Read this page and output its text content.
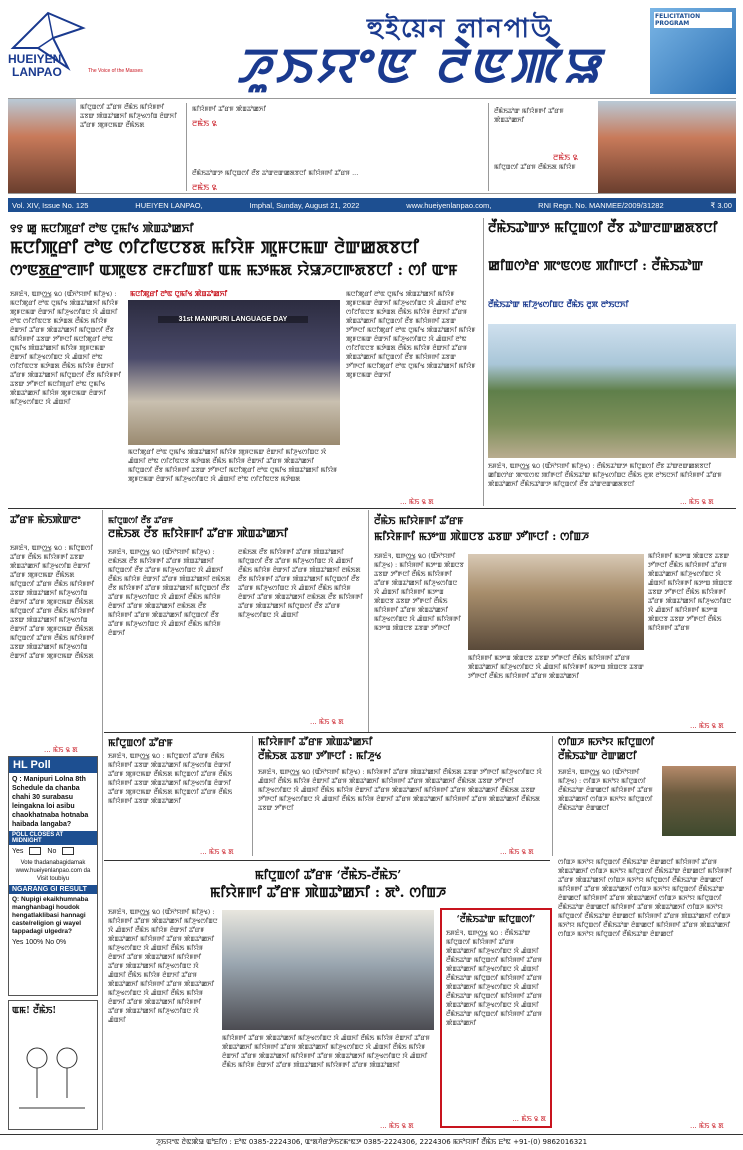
HUEIYEN
LANPAO	The Voice of the Masses
হুইয়েন লানপাউ
ꯍꯨꯏꯌꯦꯟ ꯂꯥꯟꯄꯥꯎ
FELICITATION PROGRAM
ꯃꯤꯅꯨꯡꯁꯤ ꯊꯧꯔꯝ ꯂꯩꯃꯥꯏ ꯃꯤꯌꯥꯝꯒꯤ ꯊꯕꯛ ꯄꯥꯡꯊꯣꯀꯈꯤ ꯃꯤꯍꯨꯠꯁꯤꯡ ꯂꯥꯛꯈꯤ ꯊꯧꯔꯝ ꯄꯨꯝꯅꯃꯛ ꯂꯩꯃꯥꯏꯗ
ꯃꯤꯌꯥꯝꯒꯤ ꯊꯧꯔꯝ ꯄꯥꯡꯊꯣꯀꯈꯤ
ꯂꯃꯥꯏ ꯲
ꯂꯩꯃꯥꯏꯊꯣꯛꯇ ꯃꯤꯅꯨꯡꯁꯤ ꯂꯩꯕ ꯊꯣꯛꯂꯛꯀꯗꯕꯅꯤ ꯃꯤꯌꯥꯝꯒꯤ ꯊꯧꯔꯝ ...
ꯂꯃꯥꯏ ꯲
ꯂꯩꯃꯥꯏꯊꯣꯛ ꯃꯤꯌꯥꯝꯒꯤ ꯊꯧꯔꯝ ꯄꯥꯡꯊꯣꯀꯈꯤ
ꯂꯃꯥꯏ ꯲
ꯃꯤꯅꯨꯡꯁꯤ ꯊꯧꯔꯝ ꯂꯩꯃꯥꯏꯗ ꯃꯤꯌꯥꯝ
Vol. XIV, Issue No. 125	HUEIYEN LANPAO,	Imphal, Sunday, August 21, 2022	www.hueiyenlanpao.com,	RNI Regn. No. MANMEE/2009/31282	₹ 3.00
꯱꯱ ꯀꯨ ꯃꯅꯤꯄꯨꯔꯤ ꯂꯣꯟ ꯅꯨꯃꯤꯠ ꯄꯥꯡꯊꯣꯀꯈꯤ
ꯃꯅꯤꯄꯨꯔꯤ ꯂꯣꯟ ꯁꯤꯖꯤꯟꯅꯕꯗ ꯃꯤꯌꯥꯝ ꯄꯨꯝꯅꯃꯛ ꯂꯥꯛꯀꯗꯕꯅꯤ
ꯁꯦꯟꯗ꯭ꯔꯦꯂꯒꯤ ꯑꯄꯨꯟꯕ ꯂꯝꯖꯤꯡꯕꯤ ꯑꯃ ꯃꯇꯃꯗ ꯌꯥꯎꯍꯅꯒꯗꯕꯅꯤ : ꯁꯤ ꯑꯦꯝ
ꯏꯝꯐꯥꯜ, ꯑꯒꯁ꯭ꯠ ꯲꯰ (ꯑꯩꯈꯣꯌꯒꯤ ꯃꯤꯍꯨꯠ) : ꯃꯅꯤꯄꯨꯔꯤ ꯂꯣꯟ ꯅꯨꯃꯤꯠ ꯄꯥꯡꯊꯣꯀꯈꯤ ꯃꯤꯌꯥꯝ ꯄꯨꯝꯅꯃꯛ ꯂꯥꯛꯈꯤ ꯃꯤꯍꯨꯠꯁꯤꯡꯅ ꯋꯥ ꯉꯥꯡꯈꯤ ꯂꯣꯟ ꯁꯤꯖꯤꯟꯅꯕ ꯃꯇꯥꯡꯗ ꯂꯩꯃꯥꯏ ꯃꯤꯌꯥꯝ ꯂꯥꯛꯈꯤ ꯊꯧꯔꯝ ꯄꯥꯡꯊꯣꯀꯈꯤ ꯃꯤꯅꯨꯡꯁꯤ ꯂꯩꯕ ꯃꯤꯌꯥꯝꯒꯤ ꯊꯕꯛ ꯇꯧꯒꯅꯤ ꯃꯅꯤꯄꯨꯔꯤ ꯂꯣꯟ ꯅꯨꯃꯤꯠ ꯄꯥꯡꯊꯣꯀꯈꯤ ꯃꯤꯌꯥꯝ ꯄꯨꯝꯅꯃꯛ ꯂꯥꯛꯈꯤ ꯃꯤꯍꯨꯠꯁꯤꯡꯅ ꯋꯥ ꯉꯥꯡꯈꯤ ꯂꯣꯟ ꯁꯤꯖꯤꯟꯅꯕ ꯃꯇꯥꯡꯗ ꯂꯩꯃꯥꯏ ꯃꯤꯌꯥꯝ ꯂꯥꯛꯈꯤ ꯊꯧꯔꯝ ꯄꯥꯡꯊꯣꯀꯈꯤ ꯃꯤꯅꯨꯡꯁꯤ ꯂꯩꯕ ꯃꯤꯌꯥꯝꯒꯤ ꯊꯕꯛ ꯇꯧꯒꯅꯤ ꯃꯅꯤꯄꯨꯔꯤ ꯂꯣꯟ ꯅꯨꯃꯤꯠ ꯄꯥꯡꯊꯣꯀꯈꯤ ꯃꯤꯌꯥꯝ ꯄꯨꯝꯅꯃꯛ ꯂꯥꯛꯈꯤ ꯃꯤꯍꯨꯠꯁꯤꯡꯅ ꯋꯥ ꯉꯥꯡꯈꯤ
ꯃꯅꯤꯄꯨꯔꯤ ꯂꯣꯟ ꯅꯨꯃꯤꯠ ꯄꯥꯡꯊꯣꯀꯈꯤ
31st MANIPURI LANGUAGE DAY
ꯃꯅꯤꯄꯨꯔꯤ ꯂꯣꯟ ꯅꯨꯃꯤꯠ ꯄꯥꯡꯊꯣꯀꯈꯤ ꯃꯤꯌꯥꯝ ꯄꯨꯝꯅꯃꯛ ꯂꯥꯛꯈꯤ ꯃꯤꯍꯨꯠꯁꯤꯡꯅ ꯋꯥ ꯉꯥꯡꯈꯤ ꯂꯣꯟ ꯁꯤꯖꯤꯟꯅꯕ ꯃꯇꯥꯡꯗ ꯂꯩꯃꯥꯏ ꯃꯤꯌꯥꯝ ꯂꯥꯛꯈꯤ ꯊꯧꯔꯝ ꯄꯥꯡꯊꯣꯀꯈꯤ ꯃꯤꯅꯨꯡꯁꯤ ꯂꯩꯕ ꯃꯤꯌꯥꯝꯒꯤ ꯊꯕꯛ ꯇꯧꯒꯅꯤ ꯃꯅꯤꯄꯨꯔꯤ ꯂꯣꯟ ꯅꯨꯃꯤꯠ ꯄꯥꯡꯊꯣꯀꯈꯤ ꯃꯤꯌꯥꯝ ꯄꯨꯝꯅꯃꯛ ꯂꯥꯛꯈꯤ ꯃꯤꯍꯨꯠꯁꯤꯡꯅ ꯋꯥ ꯉꯥꯡꯈꯤ ꯂꯣꯟ ꯁꯤꯖꯤꯟꯅꯕ ꯃꯇꯥꯡꯗ
ꯃꯅꯤꯄꯨꯔꯤ ꯂꯣꯟ ꯅꯨꯃꯤꯠ ꯄꯥꯡꯊꯣꯀꯈꯤ ꯃꯤꯌꯥꯝ ꯄꯨꯝꯅꯃꯛ ꯂꯥꯛꯈꯤ ꯃꯤꯍꯨꯠꯁꯤꯡꯅ ꯋꯥ ꯉꯥꯡꯈꯤ ꯂꯣꯟ ꯁꯤꯖꯤꯟꯅꯕ ꯃꯇꯥꯡꯗ ꯂꯩꯃꯥꯏ ꯃꯤꯌꯥꯝ ꯂꯥꯛꯈꯤ ꯊꯧꯔꯝ ꯄꯥꯡꯊꯣꯀꯈꯤ ꯃꯤꯅꯨꯡꯁꯤ ꯂꯩꯕ ꯃꯤꯌꯥꯝꯒꯤ ꯊꯕꯛ ꯇꯧꯒꯅꯤ ꯃꯅꯤꯄꯨꯔꯤ ꯂꯣꯟ ꯅꯨꯃꯤꯠ ꯄꯥꯡꯊꯣꯀꯈꯤ ꯃꯤꯌꯥꯝ ꯄꯨꯝꯅꯃꯛ ꯂꯥꯛꯈꯤ ꯃꯤꯍꯨꯠꯁꯤꯡꯅ ꯋꯥ ꯉꯥꯡꯈꯤ ꯂꯣꯟ ꯁꯤꯖꯤꯟꯅꯕ ꯃꯇꯥꯡꯗ ꯂꯩꯃꯥꯏ ꯃꯤꯌꯥꯝ ꯂꯥꯛꯈꯤ ꯊꯧꯔꯝ ꯄꯥꯡꯊꯣꯀꯈꯤ ꯃꯤꯅꯨꯡꯁꯤ ꯂꯩꯕ ꯃꯤꯌꯥꯝꯒꯤ ꯊꯕꯛ ꯇꯧꯒꯅꯤ ꯃꯅꯤꯄꯨꯔꯤ ꯂꯣꯟ ꯅꯨꯃꯤꯠ ꯄꯥꯡꯊꯣꯀꯈꯤ ꯃꯤꯌꯥꯝ ꯄꯨꯝꯅꯃꯛ ꯂꯥꯛꯈꯤ
... ꯃꯥꯏ ꯲ ꯗ
ꯂꯩꯃꯥꯏꯊꯣꯛꯇ ꯃꯤꯅꯨꯡꯁꯤ ꯂꯩꯕ ꯊꯣꯛꯂꯛꯀꯗꯕꯅꯤ
ꯀꯤꯡꯁꯣꯔ ꯄꯦꯟꯁꯟ ꯄꯤꯒꯅꯤ : ꯂꯩꯃꯥꯏꯊꯣꯛ
ꯂꯩꯃꯥꯏꯊꯣꯛ ꯃꯤꯍꯨꯠꯁꯤꯡꯅ ꯂꯩꯃꯥꯏ ꯂꯨꯞ ꯂꯣꯏꯅꯈꯤ
ꯏꯝꯐꯥꯜ, ꯑꯒꯁ꯭ꯠ ꯲꯰ (ꯑꯩꯈꯣꯌꯒꯤ ꯃꯤꯍꯨꯠ) : ꯂꯩꯃꯥꯏꯊꯣꯛꯇ ꯃꯤꯅꯨꯡꯁꯤ ꯂꯩꯕ ꯊꯣꯛꯂꯛꯀꯗꯕꯅꯤ ꯀꯤꯡꯁꯣꯔ ꯄꯦꯟꯁꯟ ꯄꯤꯒꯅꯤ ꯂꯩꯃꯥꯏꯊꯣꯛ ꯃꯤꯍꯨꯠꯁꯤꯡꯅ ꯂꯩꯃꯥꯏ ꯂꯨꯞ ꯂꯣꯏꯅꯈꯤ ꯃꯤꯌꯥꯝꯒꯤ ꯊꯧꯔꯝ ꯄꯥꯡꯊꯣꯀꯈꯤ ꯂꯩꯃꯥꯏꯊꯣꯛꯇ ꯃꯤꯅꯨꯡꯁꯤ ꯂꯩꯕ ꯊꯣꯛꯂꯛꯀꯗꯕꯅꯤ
... ꯃꯥꯏ ꯲ ꯗ
ꯊꯧꯔꯝ ꯃꯥꯏꯄꯥꯛꯂꯦ
ꯏꯝꯐꯥꯜ, ꯑꯒꯁ꯭ꯠ ꯲꯰ : ꯃꯤꯅꯨꯡꯁꯤ ꯊꯧꯔꯝ ꯂꯩꯃꯥꯏ ꯃꯤꯌꯥꯝꯒꯤ ꯊꯕꯛ ꯄꯥꯡꯊꯣꯀꯈꯤ ꯃꯤꯍꯨꯠꯁꯤꯡ ꯂꯥꯛꯈꯤ ꯊꯧꯔꯝ ꯄꯨꯝꯅꯃꯛ ꯂꯩꯃꯥꯏꯗ ꯃꯤꯅꯨꯡꯁꯤ ꯊꯧꯔꯝ ꯂꯩꯃꯥꯏ ꯃꯤꯌꯥꯝꯒꯤ ꯊꯕꯛ ꯄꯥꯡꯊꯣꯀꯈꯤ ꯃꯤꯍꯨꯠꯁꯤꯡ ꯂꯥꯛꯈꯤ ꯊꯧꯔꯝ ꯄꯨꯝꯅꯃꯛ ꯂꯩꯃꯥꯏꯗ ꯃꯤꯅꯨꯡꯁꯤ ꯊꯧꯔꯝ ꯂꯩꯃꯥꯏ ꯃꯤꯌꯥꯝꯒꯤ ꯊꯕꯛ ꯄꯥꯡꯊꯣꯀꯈꯤ ꯃꯤꯍꯨꯠꯁꯤꯡ ꯂꯥꯛꯈꯤ ꯊꯧꯔꯝ ꯄꯨꯝꯅꯃꯛ ꯂꯩꯃꯥꯏꯗ ꯃꯤꯅꯨꯡꯁꯤ ꯊꯧꯔꯝ ꯂꯩꯃꯥꯏ ꯃꯤꯌꯥꯝꯒꯤ ꯊꯕꯛ ꯄꯥꯡꯊꯣꯀꯈꯤ ꯃꯤꯍꯨꯠꯁꯤꯡ ꯂꯥꯛꯈꯤ ꯊꯧꯔꯝ ꯄꯨꯝꯅꯃꯛ ꯂꯩꯃꯥꯏꯗ
... ꯃꯥꯏ ꯲ ꯗ
HL Poll
Q : Manipuri Lolna 8th Schedule da chanba chahi 30 surabasu leingakna loi asibu chaokhatnaba hotnaba haibada langaba?
POLL CLOSES AT MIDNIGHT
Yes	No
Vote thadanabagidamak www.hueiyenlanpao.com da Visit toubiyu
NGARANG GI RESULT
Q: Nupigi ekaikhumnaba manghanbagi houdok hengatlaklibasi hannagi caste/religion gi wayel tappadagi ulgedra?
Yes 100% No 0%
ꯑꯃ! ꯂꯩꯃꯥꯏ!
ꯃꯤꯅꯨꯡꯁꯤ ꯂꯩꯕ ꯊꯧꯔꯝ
ꯂꯃꯥꯏꯗ ꯂꯩꯕ ꯃꯤꯌꯥꯝꯒꯤ ꯊꯧꯔꯝ ꯄꯥꯡꯊꯣꯀꯈꯤ
ꯏꯝꯐꯥꯜ, ꯑꯒꯁ꯭ꯠ ꯲꯰ (ꯑꯩꯈꯣꯌꯒꯤ ꯃꯤꯍꯨꯠ) : ꯂꯃꯥꯏꯗ ꯂꯩꯕ ꯃꯤꯌꯥꯝꯒꯤ ꯊꯧꯔꯝ ꯄꯥꯡꯊꯣꯀꯈꯤ ꯃꯤꯅꯨꯡꯁꯤ ꯂꯩꯕ ꯊꯧꯔꯝ ꯃꯤꯍꯨꯠꯁꯤꯡꯅ ꯋꯥ ꯉꯥꯡꯈꯤ ꯂꯩꯃꯥꯏ ꯃꯤꯌꯥꯝ ꯂꯥꯛꯈꯤ ꯊꯧꯔꯝ ꯄꯥꯡꯊꯣꯀꯈꯤ ꯂꯃꯥꯏꯗ ꯂꯩꯕ ꯃꯤꯌꯥꯝꯒꯤ ꯊꯧꯔꯝ ꯄꯥꯡꯊꯣꯀꯈꯤ ꯃꯤꯅꯨꯡꯁꯤ ꯂꯩꯕ ꯊꯧꯔꯝ ꯃꯤꯍꯨꯠꯁꯤꯡꯅ ꯋꯥ ꯉꯥꯡꯈꯤ ꯂꯩꯃꯥꯏ ꯃꯤꯌꯥꯝ ꯂꯥꯛꯈꯤ ꯊꯧꯔꯝ ꯄꯥꯡꯊꯣꯀꯈꯤ ꯂꯃꯥꯏꯗ ꯂꯩꯕ ꯃꯤꯌꯥꯝꯒꯤ ꯊꯧꯔꯝ ꯄꯥꯡꯊꯣꯀꯈꯤ ꯃꯤꯅꯨꯡꯁꯤ ꯂꯩꯕ ꯊꯧꯔꯝ ꯃꯤꯍꯨꯠꯁꯤꯡꯅ ꯋꯥ ꯉꯥꯡꯈꯤ ꯂꯩꯃꯥꯏ ꯃꯤꯌꯥꯝ ꯂꯥꯛꯈꯤ
ꯂꯃꯥꯏꯗ ꯂꯩꯕ ꯃꯤꯌꯥꯝꯒꯤ ꯊꯧꯔꯝ ꯄꯥꯡꯊꯣꯀꯈꯤ ꯃꯤꯅꯨꯡꯁꯤ ꯂꯩꯕ ꯊꯧꯔꯝ ꯃꯤꯍꯨꯠꯁꯤꯡꯅ ꯋꯥ ꯉꯥꯡꯈꯤ ꯂꯩꯃꯥꯏ ꯃꯤꯌꯥꯝ ꯂꯥꯛꯈꯤ ꯊꯧꯔꯝ ꯄꯥꯡꯊꯣꯀꯈꯤ ꯂꯃꯥꯏꯗ ꯂꯩꯕ ꯃꯤꯌꯥꯝꯒꯤ ꯊꯧꯔꯝ ꯄꯥꯡꯊꯣꯀꯈꯤ ꯃꯤꯅꯨꯡꯁꯤ ꯂꯩꯕ ꯊꯧꯔꯝ ꯃꯤꯍꯨꯠꯁꯤꯡꯅ ꯋꯥ ꯉꯥꯡꯈꯤ ꯂꯩꯃꯥꯏ ꯃꯤꯌꯥꯝ ꯂꯥꯛꯈꯤ ꯊꯧꯔꯝ ꯄꯥꯡꯊꯣꯀꯈꯤ ꯂꯃꯥꯏꯗ ꯂꯩꯕ ꯃꯤꯌꯥꯝꯒꯤ ꯊꯧꯔꯝ ꯄꯥꯡꯊꯣꯀꯈꯤ ꯃꯤꯅꯨꯡꯁꯤ ꯂꯩꯕ ꯊꯧꯔꯝ ꯃꯤꯍꯨꯠꯁꯤꯡꯅ ꯋꯥ ꯉꯥꯡꯈꯤ
... ꯃꯥꯏ ꯲ ꯗ
ꯂꯩꯃꯥꯏ ꯃꯤꯌꯥꯝꯒꯤ ꯊꯧꯔꯝ
ꯃꯤꯌꯥꯝꯒꯤ ꯃꯇꯦꯡ ꯄꯥꯡꯅꯕ ꯊꯕꯛ ꯇꯧꯒꯅꯤ : ꯁꯤꯡꯍ
ꯏꯝꯐꯥꯜ, ꯑꯒꯁ꯭ꯠ ꯲꯰ (ꯑꯩꯈꯣꯌꯒꯤ ꯃꯤꯍꯨꯠ) : ꯃꯤꯌꯥꯝꯒꯤ ꯃꯇꯦꯡ ꯄꯥꯡꯅꯕ ꯊꯕꯛ ꯇꯧꯒꯅꯤ ꯂꯩꯃꯥꯏ ꯃꯤꯌꯥꯝꯒꯤ ꯊꯧꯔꯝ ꯄꯥꯡꯊꯣꯀꯈꯤ ꯃꯤꯍꯨꯠꯁꯤꯡꯅ ꯋꯥ ꯉꯥꯡꯈꯤ ꯃꯤꯌꯥꯝꯒꯤ ꯃꯇꯦꯡ ꯄꯥꯡꯅꯕ ꯊꯕꯛ ꯇꯧꯒꯅꯤ ꯂꯩꯃꯥꯏ ꯃꯤꯌꯥꯝꯒꯤ ꯊꯧꯔꯝ ꯄꯥꯡꯊꯣꯀꯈꯤ ꯃꯤꯍꯨꯠꯁꯤꯡꯅ ꯋꯥ ꯉꯥꯡꯈꯤ ꯃꯤꯌꯥꯝꯒꯤ ꯃꯇꯦꯡ ꯄꯥꯡꯅꯕ ꯊꯕꯛ ꯇꯧꯒꯅꯤ
ꯃꯤꯌꯥꯝꯒꯤ ꯃꯇꯦꯡ ꯄꯥꯡꯅꯕ ꯊꯕꯛ ꯇꯧꯒꯅꯤ ꯂꯩꯃꯥꯏ ꯃꯤꯌꯥꯝꯒꯤ ꯊꯧꯔꯝ ꯄꯥꯡꯊꯣꯀꯈꯤ ꯃꯤꯍꯨꯠꯁꯤꯡꯅ ꯋꯥ ꯉꯥꯡꯈꯤ ꯃꯤꯌꯥꯝꯒꯤ ꯃꯇꯦꯡ ꯄꯥꯡꯅꯕ ꯊꯕꯛ ꯇꯧꯒꯅꯤ ꯂꯩꯃꯥꯏ ꯃꯤꯌꯥꯝꯒꯤ ꯊꯧꯔꯝ ꯄꯥꯡꯊꯣꯀꯈꯤ
ꯃꯤꯌꯥꯝꯒꯤ ꯃꯇꯦꯡ ꯄꯥꯡꯅꯕ ꯊꯕꯛ ꯇꯧꯒꯅꯤ ꯂꯩꯃꯥꯏ ꯃꯤꯌꯥꯝꯒꯤ ꯊꯧꯔꯝ ꯄꯥꯡꯊꯣꯀꯈꯤ ꯃꯤꯍꯨꯠꯁꯤꯡꯅ ꯋꯥ ꯉꯥꯡꯈꯤ ꯃꯤꯌꯥꯝꯒꯤ ꯃꯇꯦꯡ ꯄꯥꯡꯅꯕ ꯊꯕꯛ ꯇꯧꯒꯅꯤ ꯂꯩꯃꯥꯏ ꯃꯤꯌꯥꯝꯒꯤ ꯊꯧꯔꯝ ꯄꯥꯡꯊꯣꯀꯈꯤ ꯃꯤꯍꯨꯠꯁꯤꯡꯅ ꯋꯥ ꯉꯥꯡꯈꯤ ꯃꯤꯌꯥꯝꯒꯤ ꯃꯇꯦꯡ ꯄꯥꯡꯅꯕ ꯊꯕꯛ ꯇꯧꯒꯅꯤ ꯂꯩꯃꯥꯏ ꯃꯤꯌꯥꯝꯒꯤ ꯊꯧꯔꯝ
... ꯃꯥꯏ ꯲ ꯗ
ꯃꯤꯅꯨꯡꯁꯤ ꯊꯧꯔꯝ
ꯏꯝꯐꯥꯜ, ꯑꯒꯁ꯭ꯠ ꯲꯰ : ꯃꯤꯅꯨꯡꯁꯤ ꯊꯧꯔꯝ ꯂꯩꯃꯥꯏ ꯃꯤꯌꯥꯝꯒꯤ ꯊꯕꯛ ꯄꯥꯡꯊꯣꯀꯈꯤ ꯃꯤꯍꯨꯠꯁꯤꯡ ꯂꯥꯛꯈꯤ ꯊꯧꯔꯝ ꯄꯨꯝꯅꯃꯛ ꯂꯩꯃꯥꯏꯗ ꯃꯤꯅꯨꯡꯁꯤ ꯊꯧꯔꯝ ꯂꯩꯃꯥꯏ ꯃꯤꯌꯥꯝꯒꯤ ꯊꯕꯛ ꯄꯥꯡꯊꯣꯀꯈꯤ ꯃꯤꯍꯨꯠꯁꯤꯡ ꯂꯥꯛꯈꯤ ꯊꯧꯔꯝ ꯄꯨꯝꯅꯃꯛ ꯂꯩꯃꯥꯏꯗ ꯃꯤꯅꯨꯡꯁꯤ ꯊꯧꯔꯝ ꯂꯩꯃꯥꯏ ꯃꯤꯌꯥꯝꯒꯤ ꯊꯕꯛ ꯄꯥꯡꯊꯣꯀꯈꯤ
... ꯃꯥꯏ ꯲ ꯗ
ꯃꯤꯌꯥꯝꯒꯤ ꯊꯧꯔꯝ ꯄꯥꯡꯊꯣꯀꯈꯤ
ꯂꯩꯃꯥꯏꯗ ꯊꯕꯛ ꯇꯧꯒꯅꯤ : ꯃꯤꯍꯨꯠ
ꯏꯝꯐꯥꯜ, ꯑꯒꯁ꯭ꯠ ꯲꯰ (ꯑꯩꯈꯣꯌꯒꯤ ꯃꯤꯍꯨꯠ) : ꯃꯤꯌꯥꯝꯒꯤ ꯊꯧꯔꯝ ꯄꯥꯡꯊꯣꯀꯈꯤ ꯂꯩꯃꯥꯏꯗ ꯊꯕꯛ ꯇꯧꯒꯅꯤ ꯃꯤꯍꯨꯠꯁꯤꯡꯅ ꯋꯥ ꯉꯥꯡꯈꯤ ꯂꯩꯃꯥꯏ ꯃꯤꯌꯥꯝ ꯂꯥꯛꯈꯤ ꯊꯧꯔꯝ ꯄꯥꯡꯊꯣꯀꯈꯤ ꯃꯤꯌꯥꯝꯒꯤ ꯊꯧꯔꯝ ꯄꯥꯡꯊꯣꯀꯈꯤ ꯂꯩꯃꯥꯏꯗ ꯊꯕꯛ ꯇꯧꯒꯅꯤ ꯃꯤꯍꯨꯠꯁꯤꯡꯅ ꯋꯥ ꯉꯥꯡꯈꯤ ꯂꯩꯃꯥꯏ ꯃꯤꯌꯥꯝ ꯂꯥꯛꯈꯤ ꯊꯧꯔꯝ ꯄꯥꯡꯊꯣꯀꯈꯤ ꯃꯤꯌꯥꯝꯒꯤ ꯊꯧꯔꯝ ꯄꯥꯡꯊꯣꯀꯈꯤ ꯂꯩꯃꯥꯏꯗ ꯊꯕꯛ ꯇꯧꯒꯅꯤ ꯃꯤꯍꯨꯠꯁꯤꯡꯅ ꯋꯥ ꯉꯥꯡꯈꯤ ꯂꯩꯃꯥꯏ ꯃꯤꯌꯥꯝ ꯂꯥꯛꯈꯤ ꯊꯧꯔꯝ ꯄꯥꯡꯊꯣꯀꯈꯤ ꯃꯤꯌꯥꯝꯒꯤ ꯊꯧꯔꯝ ꯄꯥꯡꯊꯣꯀꯈꯤ ꯂꯩꯃꯥꯏꯗ ꯊꯕꯛ ꯇꯧꯒꯅꯤ
... ꯃꯥꯏ ꯲ ꯗ
ꯁꯤꯡꯍ ꯃꯈꯣꯌ ꯃꯤꯅꯨꯡꯁꯤ
ꯂꯩꯃꯥꯏꯊꯣꯛ ꯂꯥꯛꯀꯅꯤ
ꯏꯝꯐꯥꯜ, ꯑꯒꯁ꯭ꯠ ꯲꯰ (ꯑꯩꯈꯣꯌꯒꯤ ꯃꯤꯍꯨꯠ) : ꯁꯤꯡꯍ ꯃꯈꯣꯌ ꯃꯤꯅꯨꯡꯁꯤ ꯂꯩꯃꯥꯏꯊꯣꯛ ꯂꯥꯛꯀꯅꯤ ꯃꯤꯌꯥꯝꯒꯤ ꯊꯧꯔꯝ ꯄꯥꯡꯊꯣꯀꯈꯤ ꯁꯤꯡꯍ ꯃꯈꯣꯌ ꯃꯤꯅꯨꯡꯁꯤ ꯂꯩꯃꯥꯏꯊꯣꯛ ꯂꯥꯛꯀꯅꯤ
ꯁꯤꯡꯍ ꯃꯈꯣꯌ ꯃꯤꯅꯨꯡꯁꯤ ꯂꯩꯃꯥꯏꯊꯣꯛ ꯂꯥꯛꯀꯅꯤ ꯃꯤꯌꯥꯝꯒꯤ ꯊꯧꯔꯝ ꯄꯥꯡꯊꯣꯀꯈꯤ ꯁꯤꯡꯍ ꯃꯈꯣꯌ ꯃꯤꯅꯨꯡꯁꯤ ꯂꯩꯃꯥꯏꯊꯣꯛ ꯂꯥꯛꯀꯅꯤ ꯃꯤꯌꯥꯝꯒꯤ ꯊꯧꯔꯝ ꯄꯥꯡꯊꯣꯀꯈꯤ ꯁꯤꯡꯍ ꯃꯈꯣꯌ ꯃꯤꯅꯨꯡꯁꯤ ꯂꯩꯃꯥꯏꯊꯣꯛ ꯂꯥꯛꯀꯅꯤ ꯃꯤꯌꯥꯝꯒꯤ ꯊꯧꯔꯝ ꯄꯥꯡꯊꯣꯀꯈꯤ ꯁꯤꯡꯍ ꯃꯈꯣꯌ ꯃꯤꯅꯨꯡꯁꯤ ꯂꯩꯃꯥꯏꯊꯣꯛ ꯂꯥꯛꯀꯅꯤ ꯃꯤꯌꯥꯝꯒꯤ ꯊꯧꯔꯝ ꯄꯥꯡꯊꯣꯀꯈꯤ ꯁꯤꯡꯍ ꯃꯈꯣꯌ ꯃꯤꯅꯨꯡꯁꯤ ꯂꯩꯃꯥꯏꯊꯣꯛ ꯂꯥꯛꯀꯅꯤ ꯃꯤꯌꯥꯝꯒꯤ ꯊꯧꯔꯝ ꯄꯥꯡꯊꯣꯀꯈꯤ ꯁꯤꯡꯍ ꯃꯈꯣꯌ ꯃꯤꯅꯨꯡꯁꯤ ꯂꯩꯃꯥꯏꯊꯣꯛ ꯂꯥꯛꯀꯅꯤ ꯃꯤꯌꯥꯝꯒꯤ ꯊꯧꯔꯝ ꯄꯥꯡꯊꯣꯀꯈꯤ ꯁꯤꯡꯍ ꯃꯈꯣꯌ ꯃꯤꯅꯨꯡꯁꯤ ꯂꯩꯃꯥꯏꯊꯣꯛ ꯂꯥꯛꯀꯅꯤ ꯃꯤꯌꯥꯝꯒꯤ ꯊꯧꯔꯝ ꯄꯥꯡꯊꯣꯀꯈꯤ ꯁꯤꯡꯍ ꯃꯈꯣꯌ ꯃꯤꯅꯨꯡꯁꯤ ꯂꯩꯃꯥꯏꯊꯣꯛ ꯂꯥꯛꯀꯅꯤ
... ꯃꯥꯏ ꯲ ꯗ
ꯃꯤꯅꯨꯡꯁꯤ ꯊꯧꯔꯝ ‘ꯂꯩꯃꯥꯏ-ꯂꯩꯃꯥꯏ’
ꯃꯤꯌꯥꯝꯒꯤ ꯊꯧꯔꯝ ꯄꯥꯡꯊꯣꯀꯈꯤ : ꯗꯣ. ꯁꯤꯡꯍ
ꯏꯝꯐꯥꯜ, ꯑꯒꯁ꯭ꯠ ꯲꯰ (ꯑꯩꯈꯣꯌꯒꯤ ꯃꯤꯍꯨꯠ) : ꯃꯤꯌꯥꯝꯒꯤ ꯊꯧꯔꯝ ꯄꯥꯡꯊꯣꯀꯈꯤ ꯃꯤꯍꯨꯠꯁꯤꯡꯅ ꯋꯥ ꯉꯥꯡꯈꯤ ꯂꯩꯃꯥꯏ ꯃꯤꯌꯥꯝ ꯂꯥꯛꯈꯤ ꯊꯧꯔꯝ ꯄꯥꯡꯊꯣꯀꯈꯤ ꯃꯤꯌꯥꯝꯒꯤ ꯊꯧꯔꯝ ꯄꯥꯡꯊꯣꯀꯈꯤ ꯃꯤꯍꯨꯠꯁꯤꯡꯅ ꯋꯥ ꯉꯥꯡꯈꯤ ꯂꯩꯃꯥꯏ ꯃꯤꯌꯥꯝ ꯂꯥꯛꯈꯤ ꯊꯧꯔꯝ ꯄꯥꯡꯊꯣꯀꯈꯤ ꯃꯤꯌꯥꯝꯒꯤ ꯊꯧꯔꯝ ꯄꯥꯡꯊꯣꯀꯈꯤ ꯃꯤꯍꯨꯠꯁꯤꯡꯅ ꯋꯥ ꯉꯥꯡꯈꯤ ꯂꯩꯃꯥꯏ ꯃꯤꯌꯥꯝ ꯂꯥꯛꯈꯤ ꯊꯧꯔꯝ ꯄꯥꯡꯊꯣꯀꯈꯤ ꯃꯤꯌꯥꯝꯒꯤ ꯊꯧꯔꯝ ꯄꯥꯡꯊꯣꯀꯈꯤ ꯃꯤꯍꯨꯠꯁꯤꯡꯅ ꯋꯥ ꯉꯥꯡꯈꯤ ꯂꯩꯃꯥꯏ ꯃꯤꯌꯥꯝ ꯂꯥꯛꯈꯤ ꯊꯧꯔꯝ ꯄꯥꯡꯊꯣꯀꯈꯤ ꯃꯤꯌꯥꯝꯒꯤ ꯊꯧꯔꯝ ꯄꯥꯡꯊꯣꯀꯈꯤ ꯃꯤꯍꯨꯠꯁꯤꯡꯅ ꯋꯥ ꯉꯥꯡꯈꯤ
ꯃꯤꯌꯥꯝꯒꯤ ꯊꯧꯔꯝ ꯄꯥꯡꯊꯣꯀꯈꯤ ꯃꯤꯍꯨꯠꯁꯤꯡꯅ ꯋꯥ ꯉꯥꯡꯈꯤ ꯂꯩꯃꯥꯏ ꯃꯤꯌꯥꯝ ꯂꯥꯛꯈꯤ ꯊꯧꯔꯝ ꯄꯥꯡꯊꯣꯀꯈꯤ ꯃꯤꯌꯥꯝꯒꯤ ꯊꯧꯔꯝ ꯄꯥꯡꯊꯣꯀꯈꯤ ꯃꯤꯍꯨꯠꯁꯤꯡꯅ ꯋꯥ ꯉꯥꯡꯈꯤ ꯂꯩꯃꯥꯏ ꯃꯤꯌꯥꯝ ꯂꯥꯛꯈꯤ ꯊꯧꯔꯝ ꯄꯥꯡꯊꯣꯀꯈꯤ ꯃꯤꯌꯥꯝꯒꯤ ꯊꯧꯔꯝ ꯄꯥꯡꯊꯣꯀꯈꯤ ꯃꯤꯍꯨꯠꯁꯤꯡꯅ ꯋꯥ ꯉꯥꯡꯈꯤ ꯂꯩꯃꯥꯏ ꯃꯤꯌꯥꯝ ꯂꯥꯛꯈꯤ ꯊꯧꯔꯝ ꯄꯥꯡꯊꯣꯀꯈꯤ ꯃꯤꯌꯥꯝꯒꯤ ꯊꯧꯔꯝ ꯄꯥꯡꯊꯣꯀꯈꯤ
... ꯃꯥꯏ ꯲ ꯗ
‘ꯂꯩꯃꯥꯏꯊꯣꯛ ꯃꯤꯅꯨꯡꯁꯤ’
ꯏꯝꯐꯥꯜ, ꯑꯒꯁ꯭ꯠ ꯲꯰ : ꯂꯩꯃꯥꯏꯊꯣꯛ ꯃꯤꯅꯨꯡꯁꯤ ꯃꯤꯌꯥꯝꯒꯤ ꯊꯧꯔꯝ ꯄꯥꯡꯊꯣꯀꯈꯤ ꯃꯤꯍꯨꯠꯁꯤꯡꯅ ꯋꯥ ꯉꯥꯡꯈꯤ ꯂꯩꯃꯥꯏꯊꯣꯛ ꯃꯤꯅꯨꯡꯁꯤ ꯃꯤꯌꯥꯝꯒꯤ ꯊꯧꯔꯝ ꯄꯥꯡꯊꯣꯀꯈꯤ ꯃꯤꯍꯨꯠꯁꯤꯡꯅ ꯋꯥ ꯉꯥꯡꯈꯤ ꯂꯩꯃꯥꯏꯊꯣꯛ ꯃꯤꯅꯨꯡꯁꯤ ꯃꯤꯌꯥꯝꯒꯤ ꯊꯧꯔꯝ ꯄꯥꯡꯊꯣꯀꯈꯤ ꯃꯤꯍꯨꯠꯁꯤꯡꯅ ꯋꯥ ꯉꯥꯡꯈꯤ ꯂꯩꯃꯥꯏꯊꯣꯛ ꯃꯤꯅꯨꯡꯁꯤ ꯃꯤꯌꯥꯝꯒꯤ ꯊꯧꯔꯝ ꯄꯥꯡꯊꯣꯀꯈꯤ ꯃꯤꯍꯨꯠꯁꯤꯡꯅ ꯋꯥ ꯉꯥꯡꯈꯤ ꯂꯩꯃꯥꯏꯊꯣꯛ ꯃꯤꯅꯨꯡꯁꯤ ꯃꯤꯌꯥꯝꯒꯤ ꯊꯧꯔꯝ ꯄꯥꯡꯊꯣꯀꯈꯤ
... ꯃꯥꯏ ꯲ ꯗ
ꯍꯨꯏꯌꯦꯟ ꯂꯥꯟꯄꯥꯎ ꯑꯣꯐꯤꯁ : ꯐꯣꯟ 0385-2224306, ꯑꯦꯗꯚꯥꯔꯇꯥꯏꯖꯃꯦꯟꯇ 0385-2224306, 2224306 ꯃꯈꯣꯌꯒꯤ ꯂꯩꯃꯥꯏ ꯐꯣꯟ +91-(0) 9862016321
